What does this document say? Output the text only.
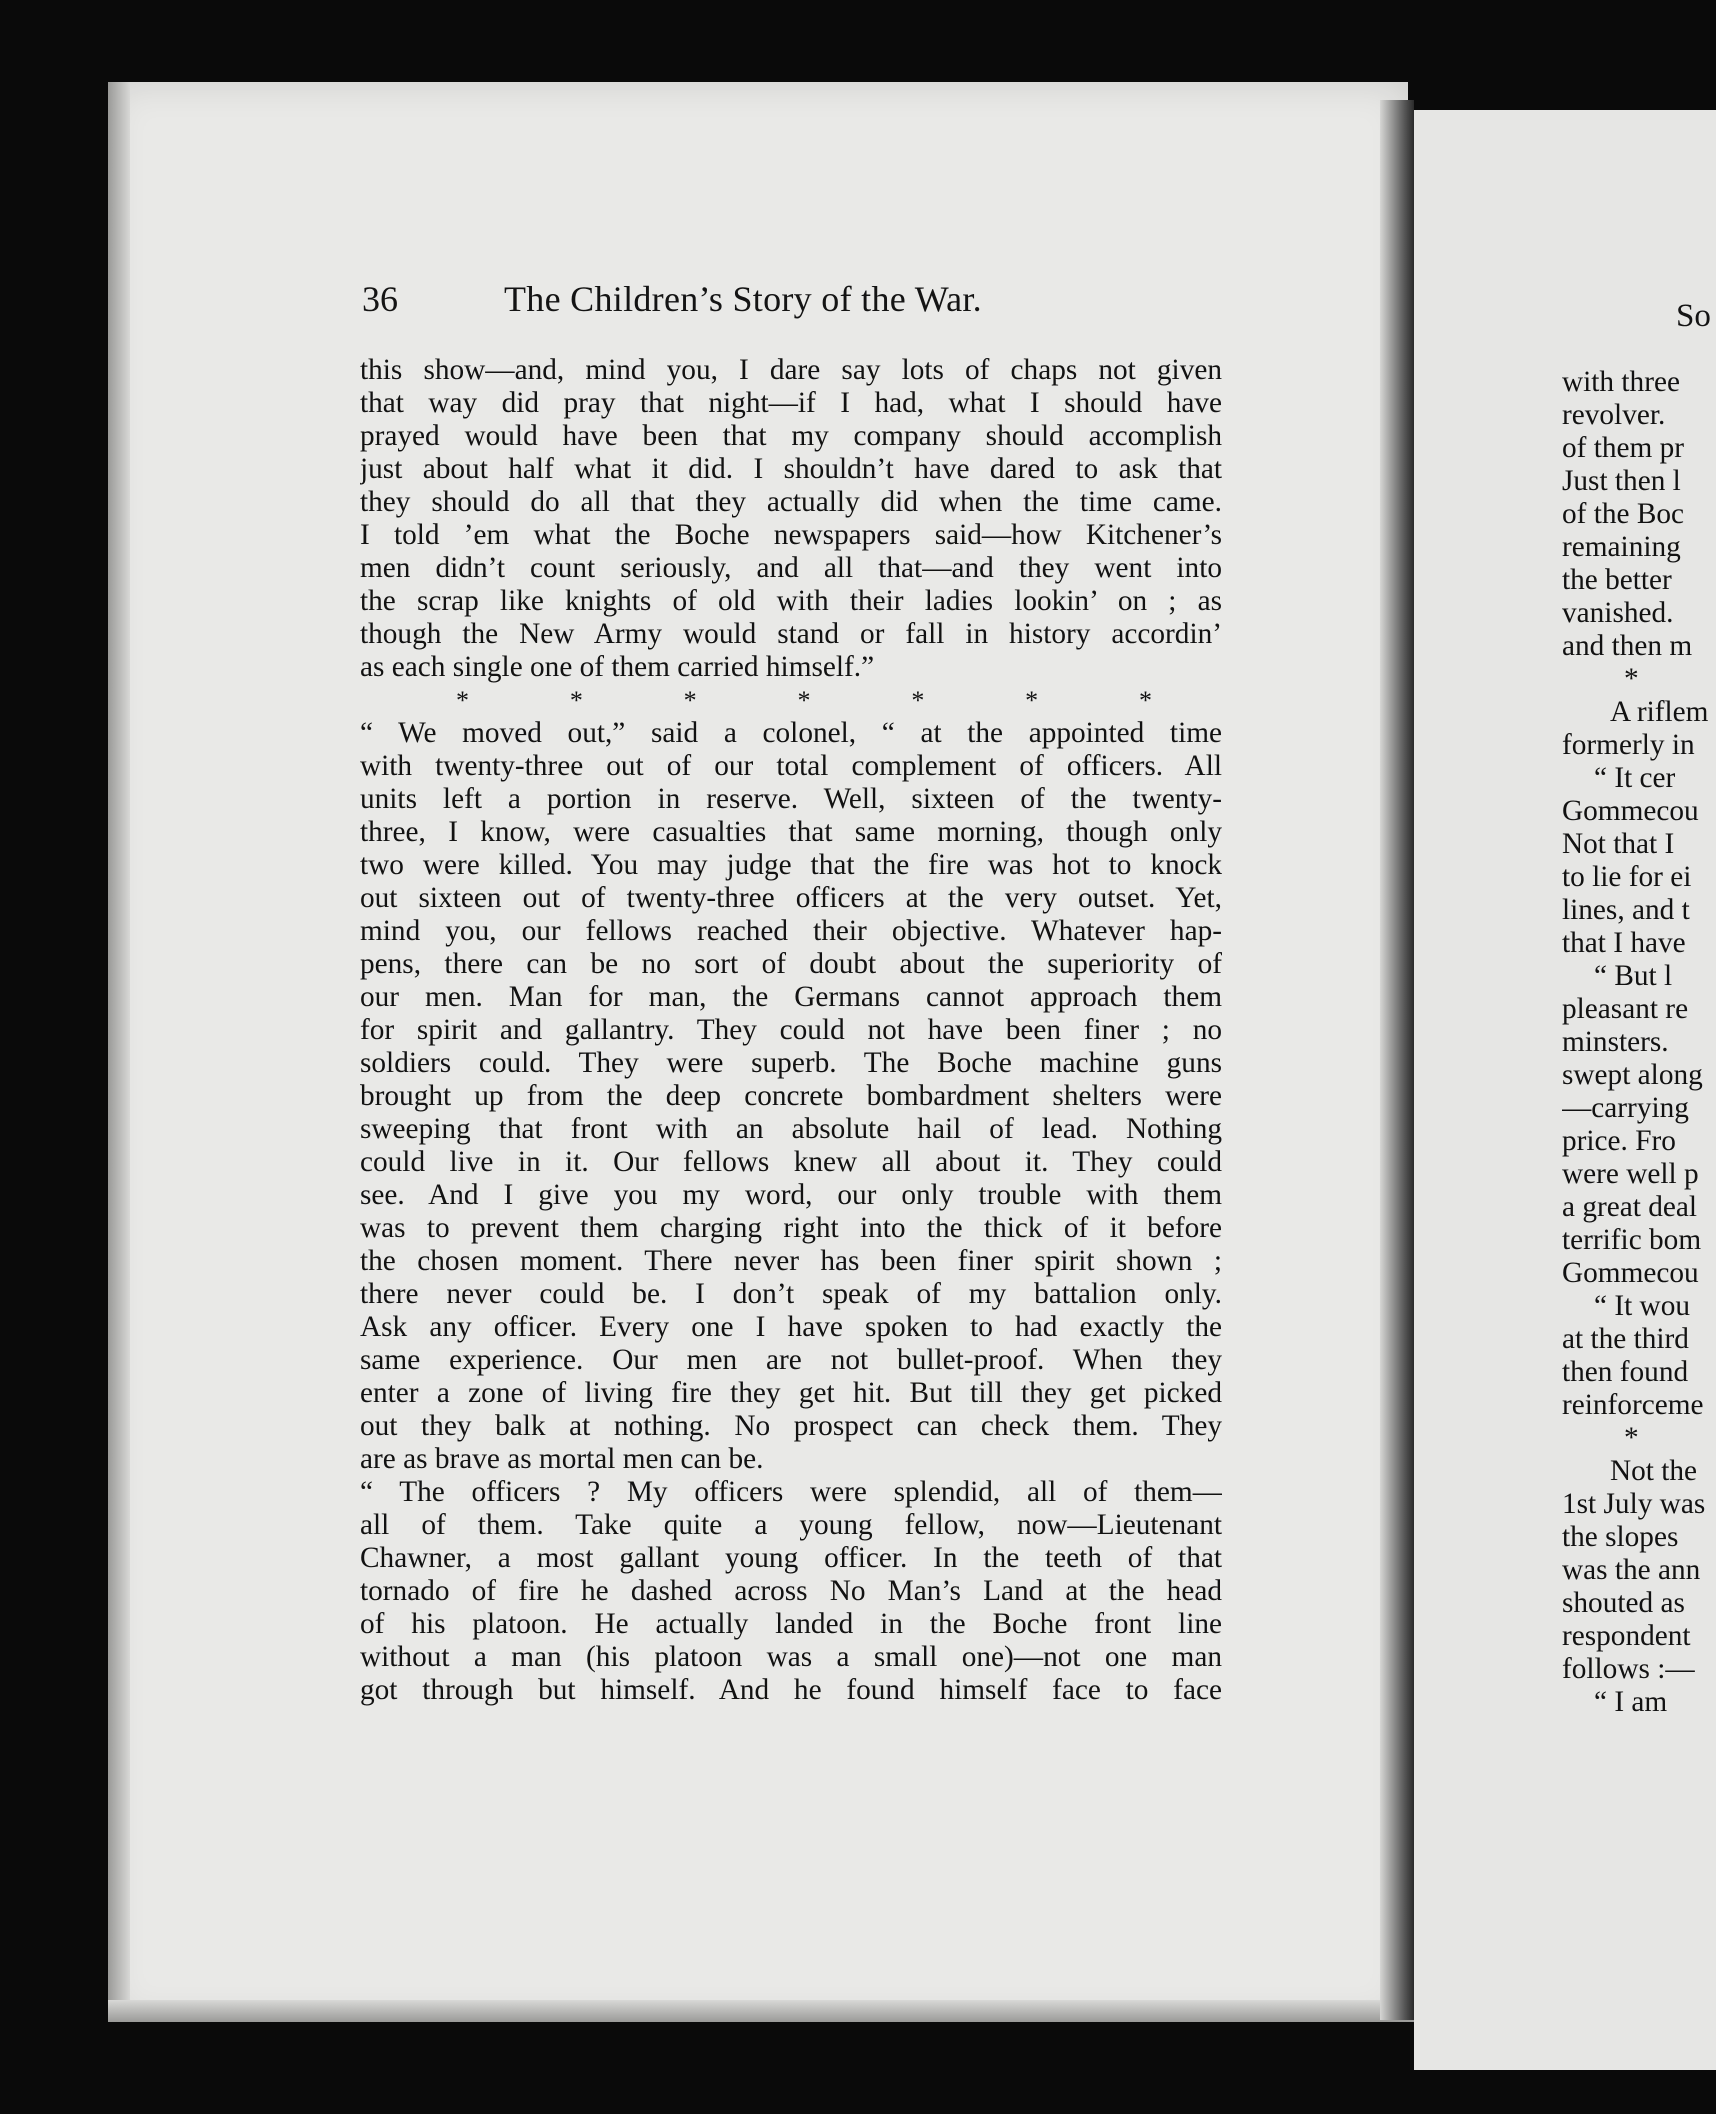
36	The Children’s Story of the War.
this show—and, mind you, I dare say lots of chaps not given
that way did pray that night—if I had, what I should have
prayed would have been that my company should accomplish
just about half what it did. I shouldn’t have dared to ask that
they should do all that they actually did when the time came.
I told ’em what the Boche newspapers said—how Kitchener’s
men didn’t count seriously, and all that—and they went into
the scrap like knights of old with their ladies lookin’ on ; as
though the New Army would stand or fall in history accordin’
as each single one of them carried himself.”
*	*	*	*	*	*	*
“ We moved out,” said a colonel, “ at the appointed time
with twenty-three out of our total complement of officers. All
units left a portion in reserve. Well, sixteen of the twenty-
three, I know, were casualties that same morning, though only
two were killed. You may judge that the fire was hot to knock
out sixteen out of twenty-three officers at the very outset. Yet,
mind you, our fellows reached their objective. Whatever hap-
pens, there can be no sort of doubt about the superiority of
our men. Man for man, the Germans cannot approach them
for spirit and gallantry. They could not have been finer ; no
soldiers could. They were superb. The Boche machine guns
brought up from the deep concrete bombardment shelters were
sweeping that front with an absolute hail of lead. Nothing
could live in it. Our fellows knew all about it. They could
see. And I give you my word, our only trouble with them
was to prevent them charging right into the thick of it before
the chosen moment. There never has been finer spirit shown ;
there never could be. I don’t speak of my battalion only.
Ask any officer. Every one I have spoken to had exactly the
same experience. Our men are not bullet-proof. When they
enter a zone of living fire they get hit. But till they get picked
out they balk at nothing. No prospect can check them. They
are as brave as mortal men can be.
“ The officers ? My officers were splendid, all of them—
all of them. Take quite a young fellow, now—Lieutenant
Chawner, a most gallant young officer. In the teeth of that
tornado of fire he dashed across No Man’s Land at the head
of his platoon. He actually landed in the Boche front line
without a man (his platoon was a small one)—not one man
got through but himself. And he found himself face to face
So
with three
revolver.
of them pr
Just then l
of the Boc
remaining
the better
vanished.
and then m
*
A riflem
formerly in
“ It cer
Gommecou
Not that I
to lie for ei
lines, and t
that I have
“ But l
pleasant re
minsters.
swept along
—carrying
price. Fro
were well p
a great deal
terrific bom
Gommecou
“ It wou
at the third
then found
reinforceme
*
Not the
1st July was
the slopes
was the ann
shouted as
respondent
follows :—
“ I am
